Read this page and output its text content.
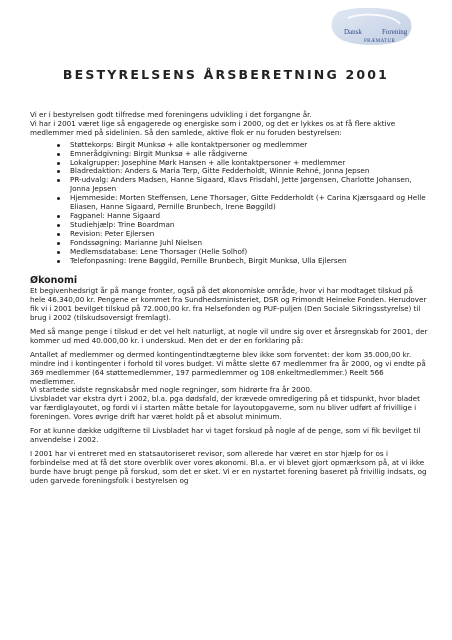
Dansk	Forening
PRÆMATUR
BESTYRELSENS ÅRSBERETNING 2001

Vi er i bestyrelsen godt tilfredse med foreningens udvikling i det forgangne år.

Vi har i 2001 været lige så engagerede og energiske som i 2000, og det er lykkes os at få flere aktive medlemmer med på sidelinien. Så den samlede, aktive flok er nu foruden bestyrelsen:

Støttekorps: Birgit Munksø + alle kontaktpersoner og medlemmer
Emnerådgivning: Birgit Munksø + alle rådgiverne
Lokalgrupper: Josephine Mørk Hansen + alle kontaktpersoner + medlemmer
Bladredaktion: Anders & Maria Terp, Gitte Fedderholdt, Winnie Rehné, Jonna Jepsen
PR-udvalg: Anders Madsen, Hanne Sigaard, Klavs Frisdahl, Jette Jørgensen, Charlotte Johansen, Jonna Jepsen
Hjemmeside: Morten Steffensen, Lene Thorsager, Gitte Fedderholdt (+ Carina Kjærsgaard og Helle Eliasen, Hanne Sigaard, Pernille Brunbech, Irene Bøggild)
Fagpanel: Hanne Sigaard
Studiehjælp: Trine Boardman
Revision: Peter Ejlersen
Fondssøgning: Marianne Juhl Nielsen
Medlemsdatabase: Lene Thorsager (Helle Solhof)
Telefonpasning: Irene Bøggild, Pernille Brunbech, Birgit Munksø, Ulla Ejlersen
Økonomi

Et begivenhedsrigt år på mange fronter, også på det økonomiske område, hvor vi har modtaget tilskud på hele 46.340,00 kr. Pengene er kommet fra Sundhedsministeriet, DSR og Frimondt Heineke Fonden. Herudover fik vi i 2001 bevilget tilskud på 72.000,00 kr. fra Helsefonden og PUF-puljen (Den Sociale Sikringsstyrelse) til brug i 2002 (tilskudsoversigt fremlagt).

Med så mange penge i tilskud er det vel helt naturligt, at nogle vil undre sig over et årsregnskab for 2001, der kommer ud med 40.000,00 kr. i underskud. Men det er der en forklaring på:

Antallet af medlemmer og dermed kontingentindtægterne blev ikke som forventet: der kom 35.000,00 kr. mindre ind i kontingenter i forhold til vores budget. Vi måtte slette 67 medlemmer fra år 2000, og vi endte på 369 medlemmer (64 støttemedlemmer, 197 parmedlemmer og 108 enkeltmedlemmer.) Reelt 566 medlemmer.
Vi startede sidste regnskabsår med nogle regninger, som hidrørte fra år 2000.
Livsbladet var ekstra dyrt i 2002, bl.a. pga dødsfald, der krævede omredigering på et tidspunkt, hvor bladet var færdiglayoutet, og fordi vi i starten måtte betale for layoutopgaverne, som nu bliver udført af frivillige i foreningen. Vores øvrige drift har været holdt på et absolut minimum.

For at kunne dække udgifterne til Livsbladet har vi taget forskud på nogle af de penge, som vi fik bevilget til anvendelse i 2002.

I 2001 har vi entreret med en statsautoriseret revisor, som allerede har været en stor hjælp for os i forbindelse med at få det store overblik over vores økonomi. Bl.a. er vi blevet gjort opmærksom på, at vi ikke burde have brugt penge på forskud, som det er sket. Vi er en nystartet forening baseret på frivillig indsats, og uden garvede foreningsfolk i bestyrelsen og
